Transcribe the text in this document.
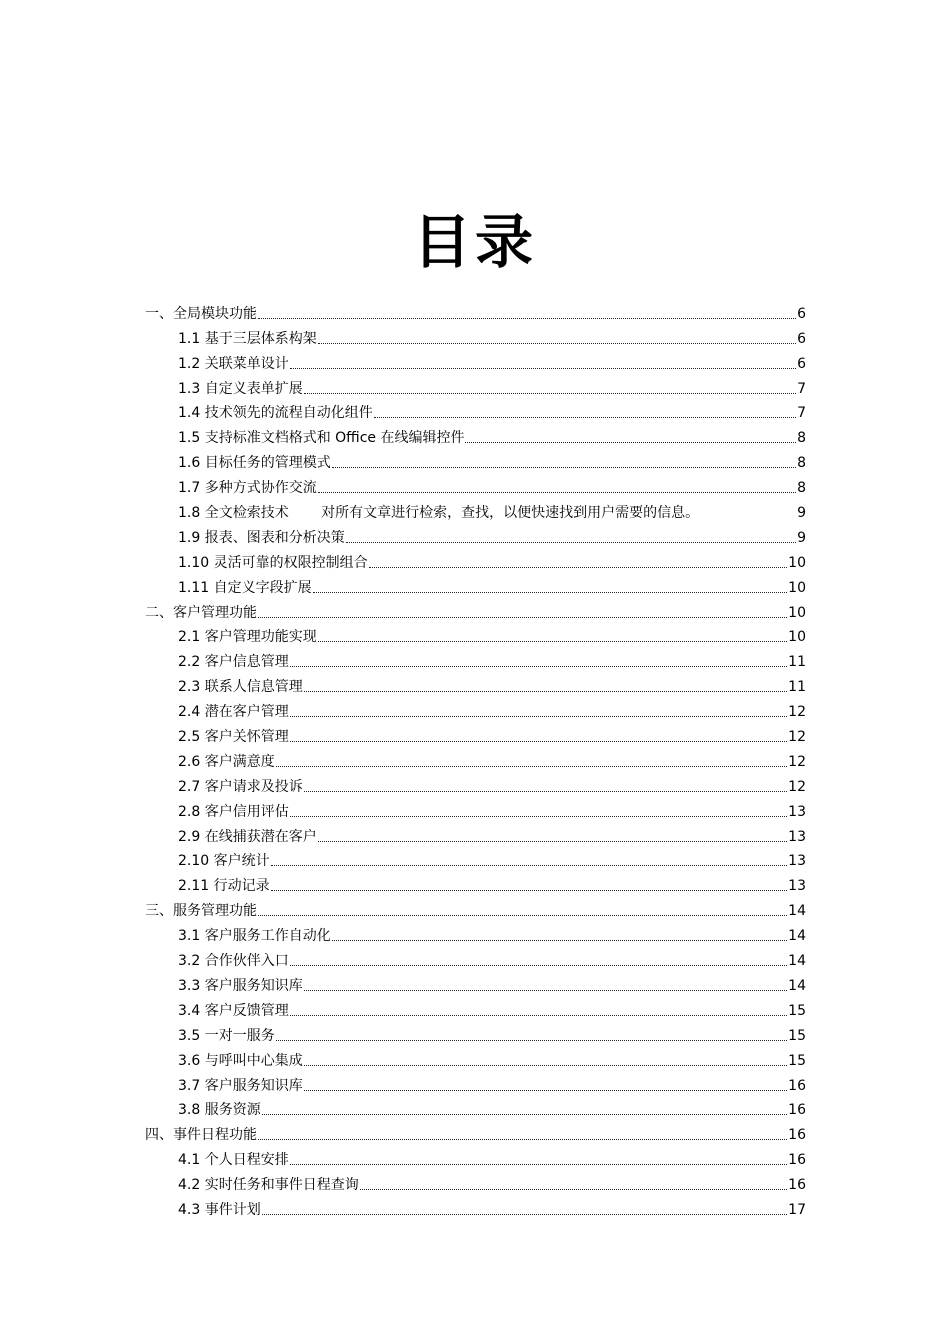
目录
一、全局模块功能	6
1.1 基于三层体系构架	6
1.2 关联菜单设计	6
1.3 自定义表单扩展	7
1.4 技术领先的流程自动化组件	7
1.5 支持标准文档格式和 Office 在线编辑控件	8
1.6 目标任务的管理模式	8
1.7 多种方式协作交流	8
1.8 全文检索技术　　 对所有文章进行检索，查找，以便快速找到用户需要的信息。	9
1.9 报表、图表和分析决策	9
1.10 灵活可靠的权限控制组合	10
1.11 自定义字段扩展	10
二、客户管理功能	10
2.1 客户管理功能实现	10
2.2 客户信息管理	11
2.3 联系人信息管理	11
2.4 潜在客户管理	12
2.5 客户关怀管理	12
2.6 客户满意度	12
2.7 客户请求及投诉	12
2.8 客户信用评估	13
2.9 在线捕获潜在客户	13
2.10 客户统计	13
2.11 行动记录	13
三、服务管理功能	14
3.1 客户服务工作自动化	14
3.2 合作伙伴入口	14
3.3 客户服务知识库	14
3.4 客户反馈管理	15
3.5 一对一服务	15
3.6 与呼叫中心集成	15
3.7 客户服务知识库	16
3.8 服务资源	16
四、事件日程功能	16
4.1 个人日程安排	16
4.2 实时任务和事件日程查询	16
4.3 事件计划	17
